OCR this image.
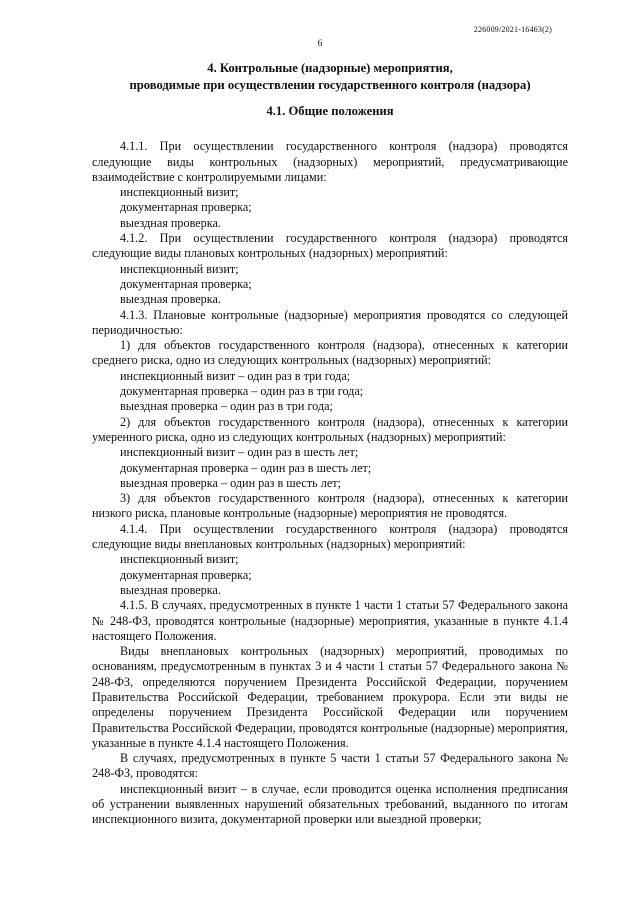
226009/2021-16463(2)
6
4. Контрольные (надзорные) мероприятия,
проводимые при осуществлении государственного контроля (надзора)
4.1. Общие положения

4.1.1. При осуществлении государственного контроля (надзора) проводятся следующие виды контрольных (надзорных) мероприятий, предусматривающие взаимодействие с контролируемыми лицами:

инспекционный визит;

документарная проверка;

выездная проверка.

4.1.2. При осуществлении государственного контроля (надзора) проводятся следующие виды плановых контрольных (надзорных) мероприятий:

инспекционный визит;

документарная проверка;

выездная проверка.

4.1.3. Плановые контрольные (надзорные) мероприятия проводятся со следующей периодичностью:

1) для объектов государственного контроля (надзора), отнесенных к категории среднего риска, одно из следующих контрольных (надзорных) мероприятий:

инспекционный визит – один раз в три года;

документарная проверка – один раз в три года;

выездная проверка – один раз в три года;

2) для объектов государственного контроля (надзора), отнесенных к категории умеренного риска, одно из следующих контрольных (надзорных) мероприятий:

инспекционный визит – один раз в шесть лет;

документарная проверка – один раз в шесть лет;

выездная проверка – один раз в шесть лет;

3) для объектов государственного контроля (надзора), отнесенных к категории низкого риска, плановые контрольные (надзорные) мероприятия не проводятся.

4.1.4. При осуществлении государственного контроля (надзора) проводятся следующие виды внеплановых контрольных (надзорных) мероприятий:

инспекционный визит;

документарная проверка;

выездная проверка.

4.1.5. В случаях, предусмотренных в пункте 1 части 1 статьи 57 Федерального закона № 248-ФЗ, проводятся контрольные (надзорные) мероприятия, указанные в пункте 4.1.4 настоящего Положения.

Виды внеплановых контрольных (надзорных) мероприятий, проводимых по основаниям, предусмотренным в пунктах 3 и 4 части 1 статьи 57 Федерального закона № 248-ФЗ, определяются поручением Президента Российской Федерации, поручением Правительства Российской Федерации, требованием прокурора. Если эти виды не определены поручением Президента Российской Федерации или поручением Правительства Российской Федерации, проводятся контрольные (надзорные) мероприятия, указанные в пункте 4.1.4 настоящего Положения.

В случаях, предусмотренных в пункте 5 части 1 статьи 57 Федерального закона № 248-ФЗ, проводятся:

инспекционный визит – в случае, если проводится оценка исполнения предписания об устранении выявленных нарушений обязательных требований, выданного по итогам инспекционного визита, документарной проверки или выездной проверки;
